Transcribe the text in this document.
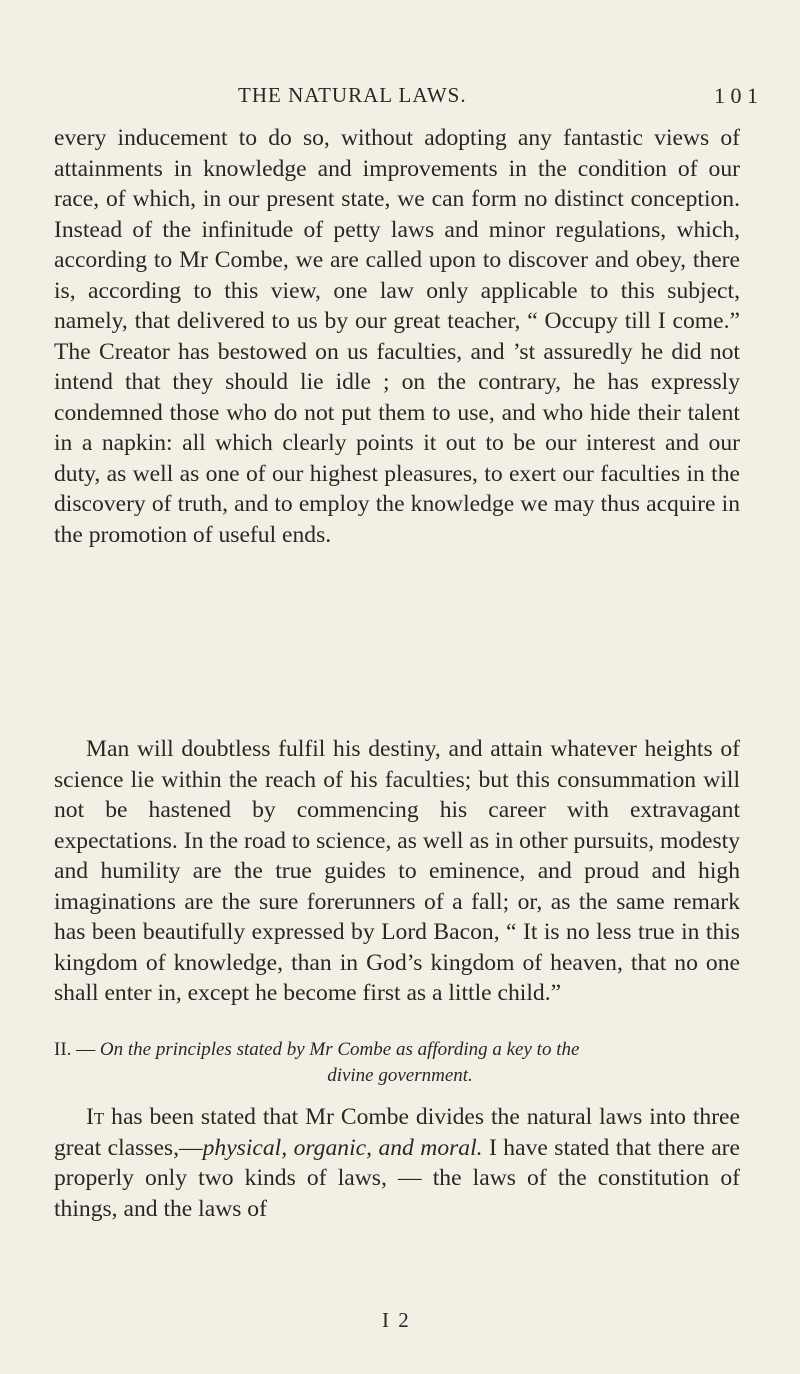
THE NATURAL LAWS.	1 0 1

every inducement to do so, without adopting any fantastic views of attainments in knowledge and improvements in the condition of our race, of which, in our present state, we can form no distinct conception. Instead of the infinitude of petty laws and minor regulations, which, according to Mr Combe, we are called upon to discover and obey, there is, according to this view, one law only applicable to this subject, namely, that delivered to us by our great teacher, “ Occupy till I come.” The Creator has bestowed on us faculties, and ’st assuredly he did not intend that they should lie idle ; on the contrary, he has expressly condemned those who do not put them to use, and who hide their talent in a napkin: all which clearly points it out to be our interest and our duty, as well as one of our highest pleasures, to exert our faculties in the discovery of truth, and to employ the knowledge we may thus acquire in the promotion of useful ends.

Man will doubtless fulfil his destiny, and attain whatever heights of science lie within the reach of his faculties; but this consummation will not be hastened by commencing his career with extravagant expectations. In the road to science, as well as in other pursuits, modesty and humility are the true guides to eminence, and proud and high imaginations are the sure forerunners of a fall; or, as the same remark has been beautifully expressed by Lord Bacon, “ It is no less true in this kingdom of knowledge, than in God’s kingdom of heaven, that no one shall enter in, except he become first as a little child.”

II. — On the principles stated by Mr Combe as affording a key to the

divine government.

It has been stated that Mr Combe divides the natural laws into three great classes,—physical, organic, and moral. I have stated that there are properly only two kinds of laws, — the laws of the constitution of things, and the laws of

I 2
